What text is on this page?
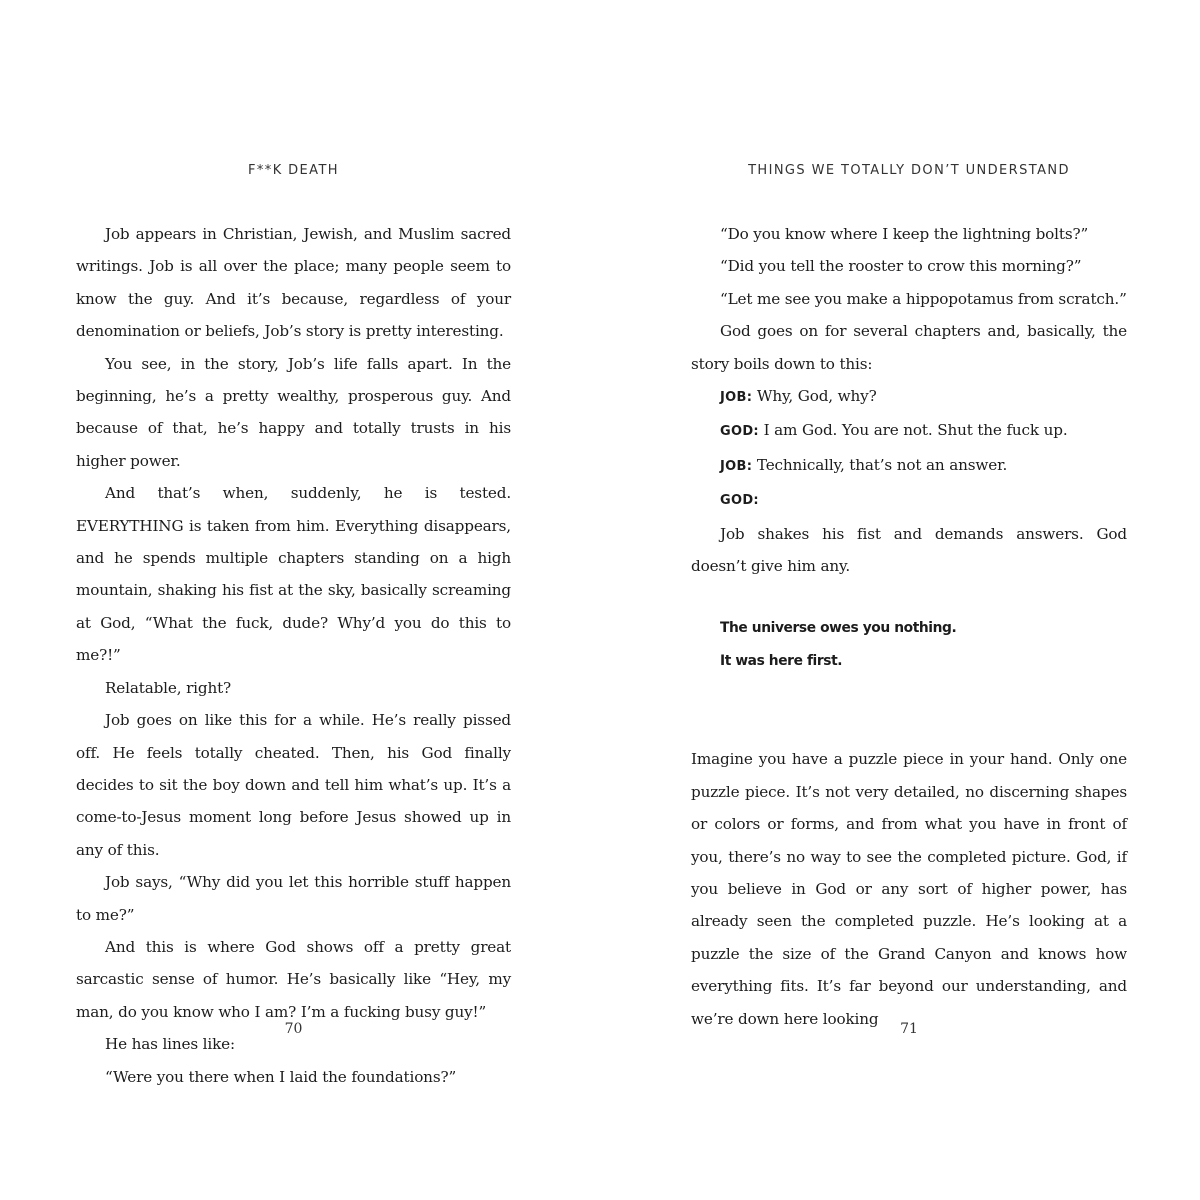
F**K DEATH

Job appears in Christian, Jewish, and Muslim sacred writings. Job is all over the place; many people seem to know the guy. And it’s because, regardless of your denomination or beliefs, Job’s story is pretty interesting.

You see, in the story, Job’s life falls apart. In the beginning, he’s a pretty wealthy, prosperous guy. And because of that, he’s happy and totally trusts in his higher power.

And that’s when, suddenly, he is tested. EVERYTHING is taken from him. Everything disappears, and he spends multiple chapters standing on a high mountain, shaking his fist at the sky, basically screaming at God, “What the fuck, dude? Why’d you do this to me?!”

Relatable, right?

Job goes on like this for a while. He’s really pissed off. He feels totally cheated. Then, his God finally decides to sit the boy down and tell him what’s up. It’s a come-to-Jesus moment long before Jesus showed up in any of this.

Job says, “Why did you let this horrible stuff happen to me?”

And this is where God shows off a pretty great sarcastic sense of humor. He’s basically like “Hey, my man, do you know who I am? I’m a fucking busy guy!”

He has lines like:

“Were you there when I laid the foundations?”

70
THINGS WE TOTALLY DON’T UNDERSTAND

“Do you know where I keep the lightning bolts?”

“Did you tell the rooster to crow this morning?”

“Let me see you make a hippopotamus from scratch.”

God goes on for several chapters and, basically, the story boils down to this:

JOB: Why, God, why?

GOD: I am God. You are not. Shut the fuck up.

JOB: Technically, that’s not an answer.

GOD:

Job shakes his fist and demands answers. God doesn’t give him any.

The universe owes you nothing.

It was here first.

Imagine you have a puzzle piece in your hand. Only one puzzle piece. It’s not very detailed, no discerning shapes or colors or forms, and from what you have in front of you, there’s no way to see the completed picture. God, if you believe in God or any sort of higher power, has already seen the completed puzzle. He’s looking at a puzzle the size of the Grand Canyon and knows how everything fits. It’s far beyond our understanding, and we’re down here looking

71
